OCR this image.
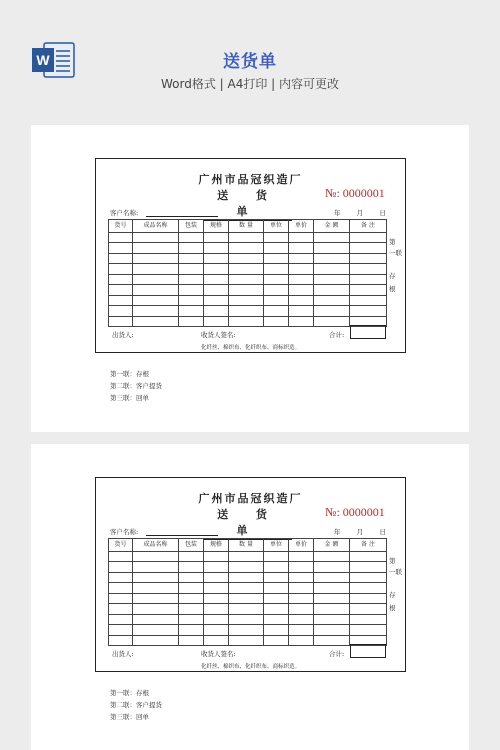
W	送货单
Word格式 | A4打印 | 内容可更改
广州市品冠织造厂
送 货 单
№: 0000001
客户名称:	年 月 日
货号	成品名称	包装	规格	数 量	单位	单价	金 额	备 注

第
一联
存
根
出货人:	收货人签名:	合计:
化纤丝、棉织布、化纤织布、商标织造。
第一联：存根
第二联：客户提货
第三联：回单
广州市品冠织造厂
送 货 单
№: 0000001
客户名称:	年 月 日
货号	成品名称	包装	规格	数 量	单位	单价	金 额	备 注

第
一联
存
根
出货人:	收货人签名:	合计:
化纤丝、棉织布、化纤织布、商标织造。
第一联：存根
第二联：客户提货
第三联：回单
